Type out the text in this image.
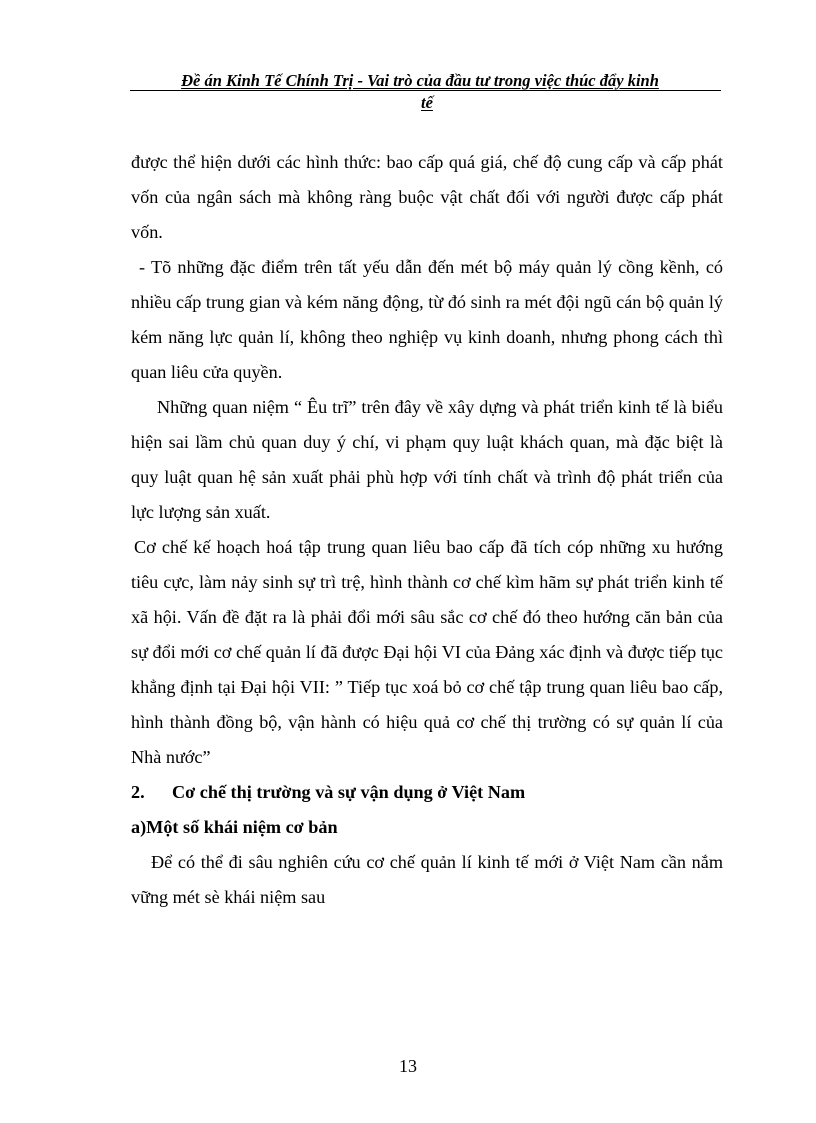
Đề án Kinh Tế Chính Trị - Vai trò của đầu tư trong việc thúc đẩy kinh
tế

được thể hiện dưới các hình thức: bao cấp quá giá, chế độ cung cấp và cấp phát vốn của ngân sách mà không ràng buộc vật chất đối với người được cấp phát vốn.

- Tõ những đặc điểm trên tất yếu dẫn đến mét bộ máy quản lý cồng kềnh, có nhiều cấp trung gian và kém năng động, từ đó sinh ra mét đội ngũ cán bộ quản lý kém năng lực quản lí, không theo nghiệp vụ kinh doanh, nhưng phong cách thì quan liêu cửa quyền.

Những quan niệm “ Êu trĩ” trên đây về xây dựng và phát triển kinh tế là biểu hiện sai lầm chủ quan duy ý chí, vi phạm quy luật khách quan, mà đặc biệt là quy luật quan hệ sản xuất phải phù hợp với tính chất và trình độ phát triển của lực lượng sản xuất.

Cơ chế kế hoạch hoá tập trung quan liêu bao cấp đã tích cóp những xu hướng tiêu cực, làm nảy sinh sự trì trệ, hình thành cơ chế kìm hãm sự phát triển kinh tế xã hội. Vấn đề đặt ra là phải đổi mới sâu sắc cơ chế đó theo hướng căn bản của sự đổi mới cơ chế quản lí đã được Đại hội VI của Đảng xác định và được tiếp tục khẳng định tại Đại hội VII: ” Tiếp tục xoá bỏ cơ chế tập trung quan liêu bao cấp, hình thành đồng bộ, vận hành có hiệu quả cơ chế thị trường có sự quản lí của Nhà nước”

2. Cơ chế thị trường và sự vận dụng ở Việt Nam

a)Một số khái niệm cơ bản

Để có thể đi sâu nghiên cứu cơ chế quản lí kinh tế mới ở Việt Nam cần nắm vững mét sè khái niệm sau

13
